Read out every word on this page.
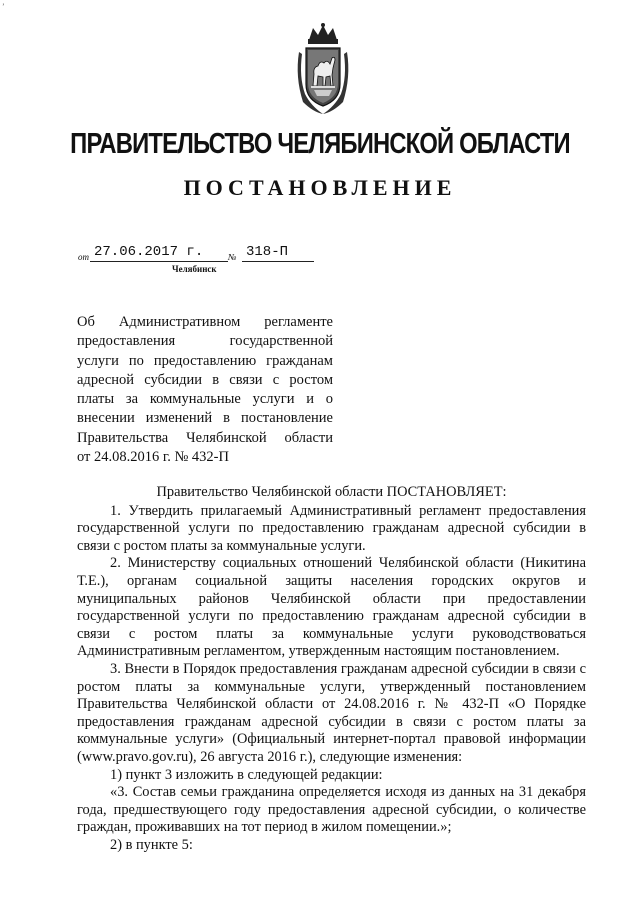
ʼ
ПРАВИТЕЛЬСТВО ЧЕЛЯБИНСКОЙ ОБЛАСТИ
ПОСТАНОВЛЕНИЕ
от 27.06.2017 г.	№ 318-П
Челябинск
Об Административном регламенте
предоставления государственной
услуги по предоставлению гражданам
адресной субсидии в связи с ростом
платы за коммунальные услуги и о
внесении изменений в постановление
Правительства Челябинской области
от 24.08.2016 г. № 432-П

Правительство Челябинской области ПОСТАНОВЛЯЕТ:

1. Утвердить прилагаемый Административный регламент предоставления государственной услуги по предоставлению гражданам адресной субсидии в связи с ростом платы за коммунальные услуги.

2. Министерству социальных отношений Челябинской области (Никитина Т.Е.), органам социальной защиты населения городских округов и муниципальных районов Челябинской области при предоставлении государственной услуги по предоставлению гражданам адресной субсидии в связи с ростом платы за коммунальные услуги руководствоваться Административным регламентом, утвержденным настоящим постановлением.

3. Внести в Порядок предоставления гражданам адресной субсидии в связи с ростом платы за коммунальные услуги, утвержденный постановлением Правительства Челябинской области от 24.08.2016 г. № 432-П «О Порядке предоставления гражданам адресной субсидии в связи с ростом платы за коммунальные услуги» (Официальный интернет-портал правовой информации (www.pravo.gov.ru), 26 августа 2016 г.), следующие изменения:

1) пункт 3 изложить в следующей редакции:

«3. Состав семьи гражданина определяется исходя из данных на 31 декабря года, предшествующего году предоставления адресной субсидии, о количестве граждан, проживавших на тот период в жилом помещении.»;

2) в пункте 5:
